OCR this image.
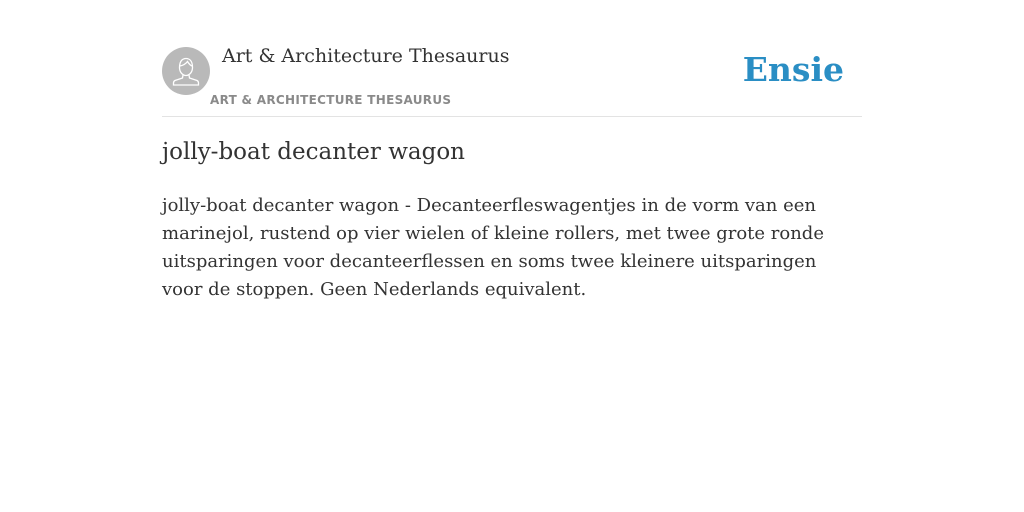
Art & Architecture Thesaurus
ART & ARCHITECTURE THESAURUS
Ensie
jolly-boat decanter wagon

jolly-boat decanter wagon - Decanteerfleswagentjes in de vorm van een marinejol, rustend op vier wielen of kleine rollers, met twee grote ronde uitsparingen voor decanteerflessen en soms twee kleinere uitsparingen voor de stoppen. Geen Nederlands equivalent.
